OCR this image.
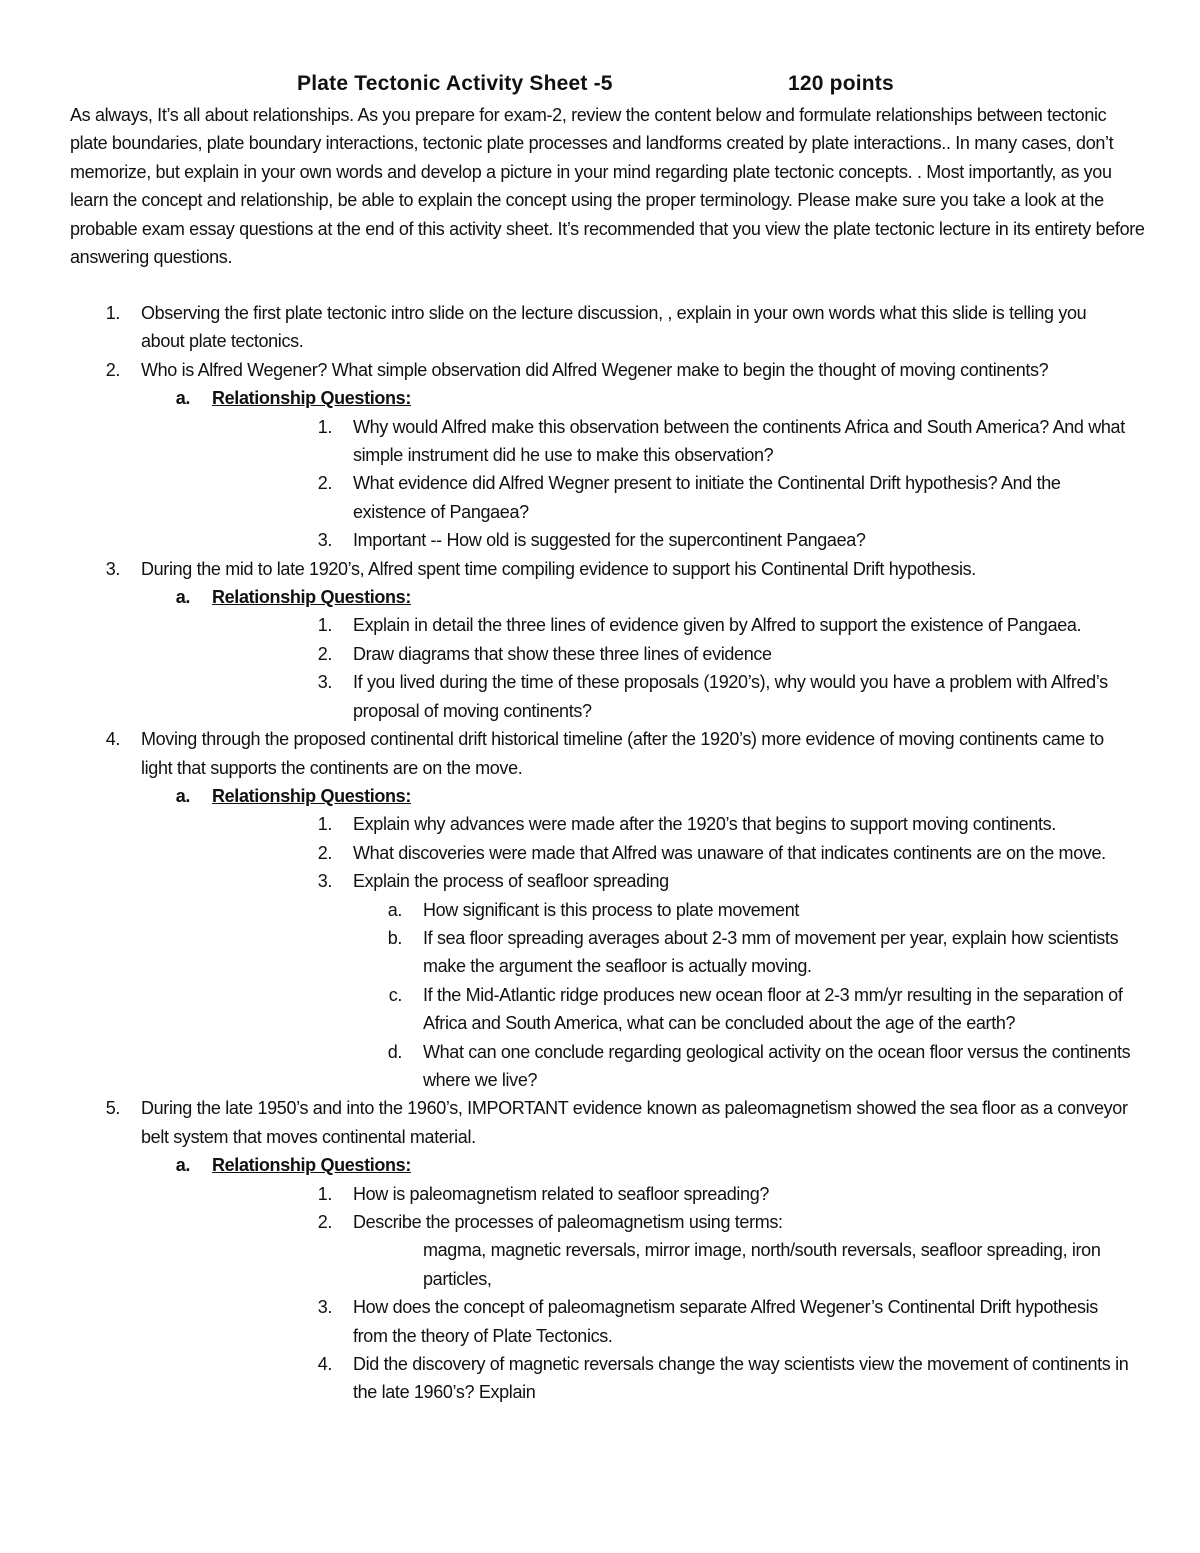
Plate Tectonic Activity Sheet -5	120 points

As always, It’s all about relationships. As you prepare for exam-2, review the content below and formulate relationships between tectonic plate boundaries, plate boundary interactions, tectonic plate processes and landforms created by plate interactions.. In many cases, don’t memorize, but explain in your own words and develop a picture in your mind regarding plate tectonic concepts. . Most importantly, as you learn the concept and relationship, be able to explain the concept using the proper terminology. Please make sure you take a look at the probable exam essay questions at the end of this activity sheet. It’s recommended that you view the plate tectonic lecture in its entirety before answering questions.

1. Observing the first plate tectonic intro slide on the lecture discussion, , explain in your own words what this slide is telling you about plate tectonics.
2. Who is Alfred Wegener? What simple observation did Alfred Wegener make to begin the thought of moving continents?
a. Relationship Questions:
1. Why would Alfred make this observation between the continents Africa and South America? And what simple instrument did he use to make this observation?
2. What evidence did Alfred Wegner present to initiate the Continental Drift hypothesis? And the existence of Pangaea?
3. Important -- How old is suggested for the supercontinent Pangaea?
3. During the mid to late 1920’s, Alfred spent time compiling evidence to support his Continental Drift hypothesis.
a. Relationship Questions:
1. Explain in detail the three lines of evidence given by Alfred to support the existence of Pangaea.
2. Draw diagrams that show these three lines of evidence
3. If you lived during the time of these proposals (1920’s), why would you have a problem with Alfred’s proposal of moving continents?
4. Moving through the proposed continental drift historical timeline (after the 1920’s) more evidence of moving continents came to light that supports the continents are on the move.
a. Relationship Questions:
1. Explain why advances were made after the 1920’s that begins to support moving continents.
2. What discoveries were made that Alfred was unaware of that indicates continents are on the move.
3. Explain the process of seafloor spreading
a. How significant is this process to plate movement
b. If sea floor spreading averages about 2-3 mm of movement per year, explain how scientists make the argument the seafloor is actually moving.
c. If the Mid-Atlantic ridge produces new ocean floor at 2-3 mm/yr resulting in the separation of Africa and South America, what can be concluded about the age of the earth?
d. What can one conclude regarding geological activity on the ocean floor versus the continents where we live?
5. During the late 1950’s and into the 1960’s, IMPORTANT evidence known as paleomagnetism showed the sea floor as a conveyor belt system that moves continental material.
a. Relationship Questions:
1. How is paleomagnetism related to seafloor spreading?
2. Describe the processes of paleomagnetism using terms:
magma, magnetic reversals, mirror image, north/south reversals, seafloor spreading, iron particles,
3. How does the concept of paleomagnetism separate Alfred Wegener’s Continental Drift hypothesis from the theory of Plate Tectonics.
4. Did the discovery of magnetic reversals change the way scientists view the movement of continents in the late 1960’s? Explain
